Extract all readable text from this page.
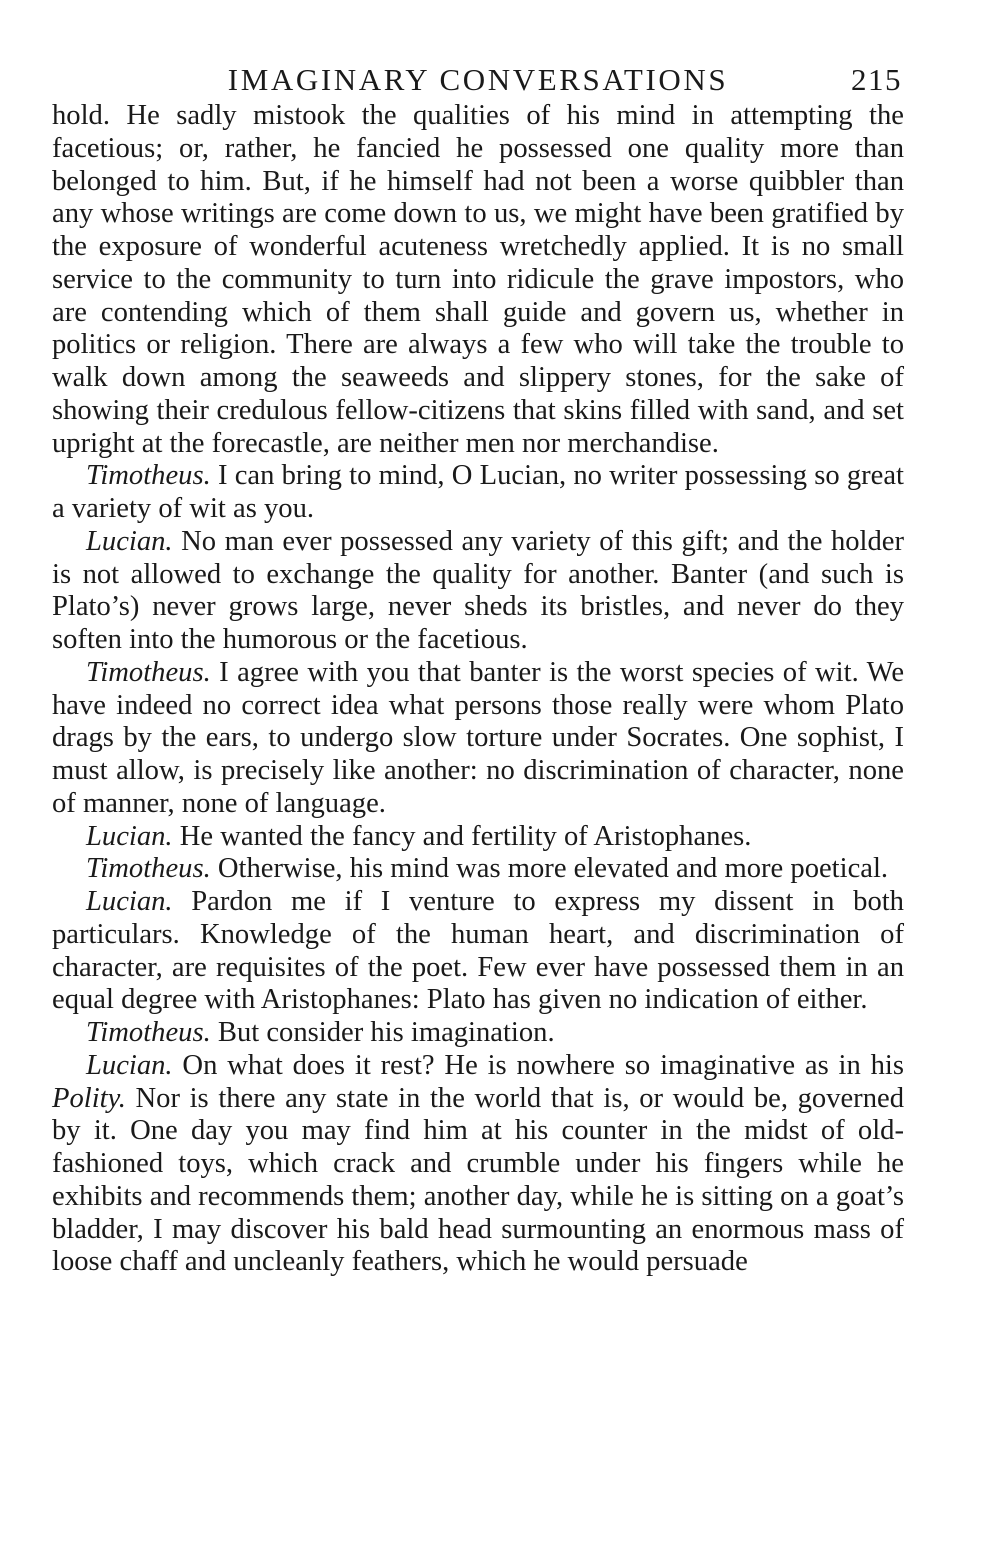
IMAGINARY CONVERSATIONS	215

hold. He sadly mistook the qualities of his mind in attempting the facetious; or, rather, he fancied he possessed one quality more than belonged to him. But, if he himself had not been a worse quibbler than any whose writings are come down to us, we might have been gratified by the exposure of wonderful acuteness wretchedly applied. It is no small service to the community to turn into ridicule the grave impostors, who are contending which of them shall guide and govern us, whether in politics or religion. There are always a few who will take the trouble to walk down among the seaweeds and slippery stones, for the sake of showing their credulous fellow-citizens that skins filled with sand, and set upright at the forecastle, are neither men nor merchandise.

Timotheus. I can bring to mind, O Lucian, no writer possessing so great a variety of wit as you.

Lucian. No man ever possessed any variety of this gift; and the holder is not allowed to exchange the quality for another. Banter (and such is Plato’s) never grows large, never sheds its bristles, and never do they soften into the humorous or the facetious.

Timotheus. I agree with you that banter is the worst species of wit. We have indeed no correct idea what persons those really were whom Plato drags by the ears, to undergo slow torture under Socrates. One sophist, I must allow, is precisely like another: no discrimination of character, none of manner, none of language.

Lucian. He wanted the fancy and fertility of Aristophanes.

Timotheus. Otherwise, his mind was more elevated and more poetical.

Lucian. Pardon me if I venture to express my dissent in both particulars. Knowledge of the human heart, and discrimination of character, are requisites of the poet. Few ever have possessed them in an equal degree with Aristophanes: Plato has given no indication of either.

Timotheus. But consider his imagination.

Lucian. On what does it rest? He is nowhere so imaginative as in his Polity. Nor is there any state in the world that is, or would be, governed by it. One day you may find him at his counter in the midst of old-fashioned toys, which crack and crumble under his fingers while he exhibits and recommends them; another day, while he is sitting on a goat’s bladder, I may discover his bald head surmounting an enormous mass of loose chaff and uncleanly feathers, which he would persuade
